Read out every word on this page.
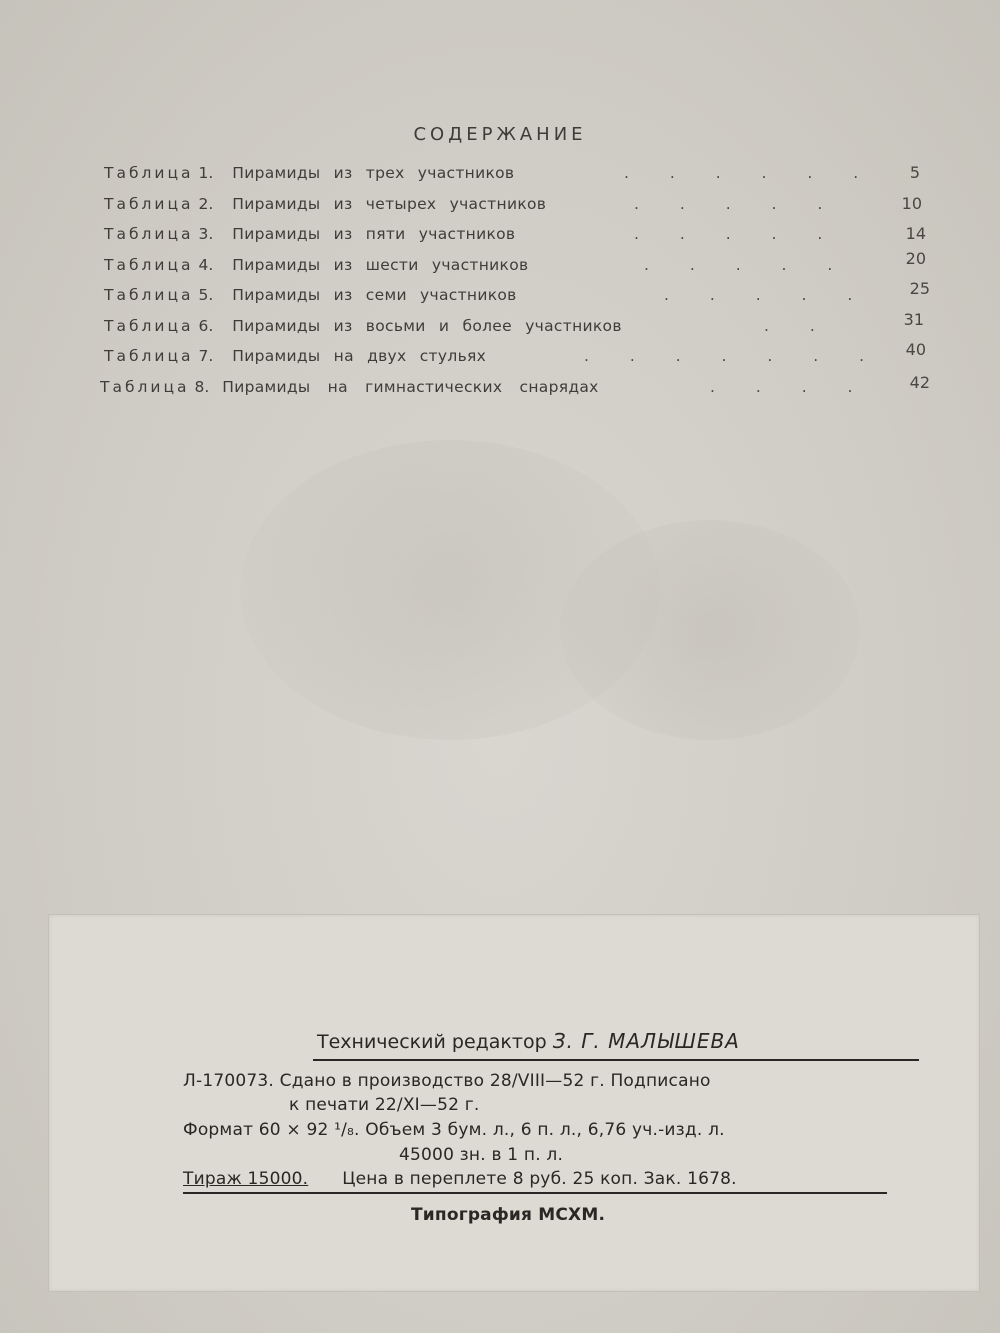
СОДЕРЖАНИЕ
Таблица 1. Пирамиды из трех участников	. . . . . . 5
Таблица 2. Пирамиды из четырех участников	. . . . .	10
Таблица 3. Пирамиды из пяти участников	. . . . .	14
Таблица 4. Пирамиды из шести участников	. . . . .	20
Таблица 5. Пирамиды из семи участников	. . . . . 25
Таблица 6. Пирамиды из восьми и более участников	. .	31
Таблица 7. Пирамиды на двух стульях	. . . . . . . 40
Таблица 8. Пирамиды на гимнастических снарядах	. . . . 42
Технический редактор З. Г. МАЛЫШЕВА
Л-170073. Сдано в производство 28/VIII—52 г. Подписано
к печати 22/XI—52 г.
Формат 60 × 92 ¹/₈. Объем 3 бум. л., 6 п. л., 6,76 уч.-изд. л.
45000 зн. в 1 п. л.
Тираж 15000. Цена в переплете 8 руб. 25 коп. Зак. 1678.
Типография МСХМ.
